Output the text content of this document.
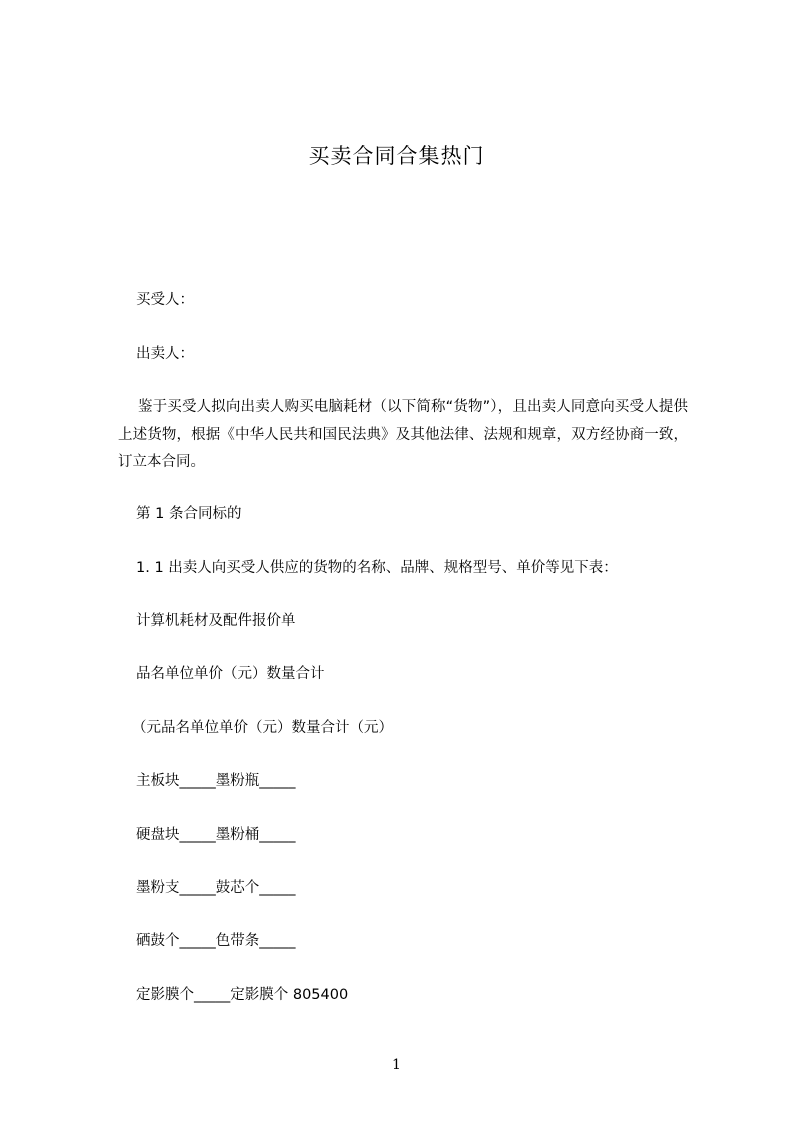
买卖合同合集热门
买受人：
出卖人：
鉴于买受人拟向出卖人购买电脑耗材（以下简称“货物”），且出卖人同意向买受人提供上述货物，根据《中华人民共和国民法典》及其他法律、法规和规章，双方经协商一致，订立本合同。
第 1 条合同标的
1. 1 出卖人向买受人供应的货物的名称、品牌、规格型号、单价等见下表：
计算机耗材及配件报价单
品名单位单价（元）数量合计
（元品名单位单价（元）数量合计（元）
主板块_____墨粉瓶_____
硬盘块_____墨粉桶_____
墨粉支_____鼓芯个_____
硒鼓个_____色带条_____
定影膜个_____定影膜个 805400
1
